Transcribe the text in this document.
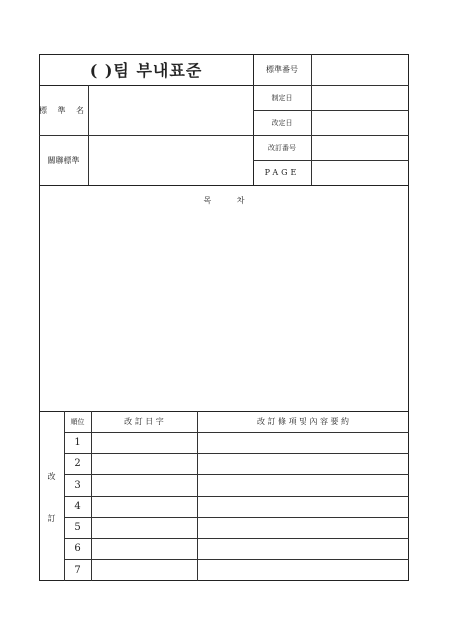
( )팀 부내표준	標準番号
標 準 名
制定日
改定日
關聯標準
改訂番号
PAGE
목          차
改
訂
順位	改 訂 日 字	改 訂 條 項 및 內 容 要 約
1
2
3
4
5
6
7
